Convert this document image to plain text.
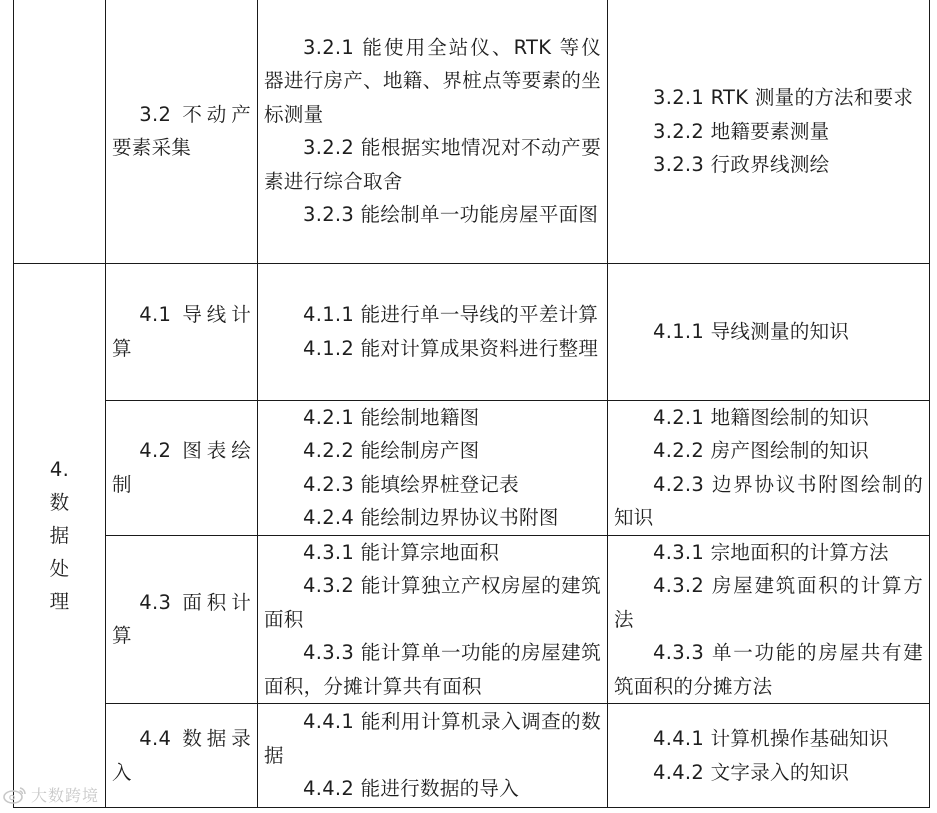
	3.2 不动产要素采集	3.2.1 能使用全站仪、RTK 等仪器进行房产、地籍、界桩点等要素的坐标测量
3.2.2 能根据实地情况对不动产要素进行综合取舍
3.2.3 能绘制单一功能房屋平面图	3.2.1 RTK 测量的方法和要求
3.2.2 地籍要素测量
3.2.3 行政界线测绘

4.数据处理	4.1 导线计算	4.1.1 能进行单一导线的平差计算
4.1.2 能对计算成果资料进行整理	4.1.1 导线测量的知识

	4.2 图表绘制	4.2.1 能绘制地籍图
4.2.2 能绘制房产图
4.2.3 能填绘界桩登记表
4.2.4 能绘制边界协议书附图	4.2.1 地籍图绘制的知识
4.2.2 房产图绘制的知识
4.2.3 边界协议书附图绘制的知识

	4.3 面积计算	4.3.1 能计算宗地面积
4.3.2 能计算独立产权房屋的建筑面积
4.3.3 能计算单一功能的房屋建筑面积，分摊计算共有面积	4.3.1 宗地面积的计算方法
4.3.2 房屋建筑面积的计算方法
4.3.3 单一功能的房屋共有建筑面积的分摊方法

	4.4 数据录入	4.4.1 能利用计算机录入调查的数据
4.4.2 能进行数据的导入	4.4.1 计算机操作基础知识
4.4.2 文字录入的知识
大数跨境
